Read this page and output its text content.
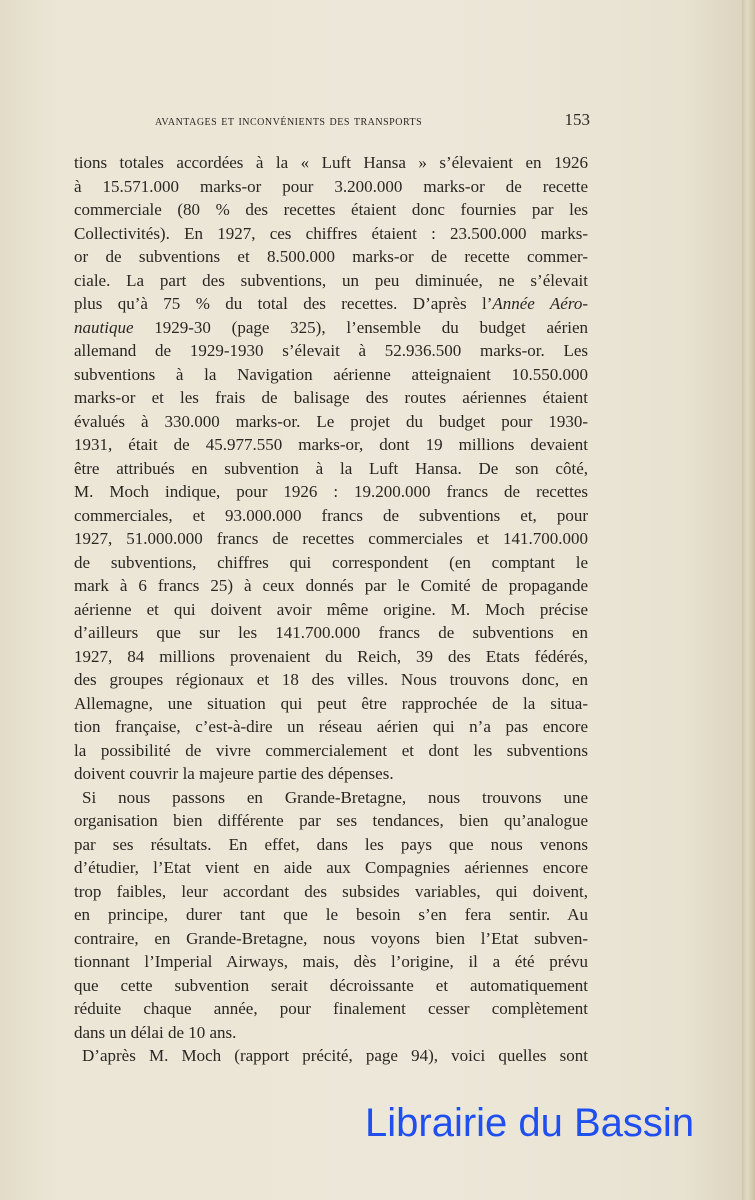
avantages et inconvénients des transports	153
tions totales accordées à la « Luft Hansa » s’élevaient en 1926
à 15.571.000 marks-or pour 3.200.000 marks-or de recette
commerciale (80 % des recettes étaient donc fournies par les
Collectivités). En 1927, ces chiffres étaient : 23.500.000 marks-
or de subventions et 8.500.000 marks-or de recette commer-
ciale. La part des subventions, un peu diminuée, ne s’élevait
plus qu’à 75 % du total des recettes. D’après l’Année Aéro-
nautique 1929-30 (page 325), l’ensemble du budget aérien
allemand de 1929-1930 s’élevait à 52.936.500 marks-or. Les
subventions à la Navigation aérienne atteignaient 10.550.000
marks-or et les frais de balisage des routes aériennes étaient
évalués à 330.000 marks-or. Le projet du budget pour 1930-
1931, était de 45.977.550 marks-or, dont 19 millions devaient
être attribués en subvention à la Luft Hansa. De son côté,
M. Moch indique, pour 1926 : 19.200.000 francs de recettes
commerciales, et 93.000.000 francs de subventions et, pour
1927, 51.000.000 francs de recettes commerciales et 141.700.000
de subventions, chiffres qui correspondent (en comptant le
mark à 6 francs 25) à ceux donnés par le Comité de propagande
aérienne et qui doivent avoir même origine. M. Moch précise
d’ailleurs que sur les 141.700.000 francs de subventions en
1927, 84 millions provenaient du Reich, 39 des Etats fédérés,
des groupes régionaux et 18 des villes. Nous trouvons donc, en
Allemagne, une situation qui peut être rapprochée de la situa-
tion française, c’est-à-dire un réseau aérien qui n’a pas encore
la possibilité de vivre commercialement et dont les subventions
doivent couvrir la majeure partie des dépenses.
Si nous passons en Grande-Bretagne, nous trouvons une
organisation bien différente par ses tendances, bien qu’analogue
par ses résultats. En effet, dans les pays que nous venons
d’étudier, l’Etat vient en aide aux Compagnies aériennes encore
trop faibles, leur accordant des subsides variables, qui doivent,
en principe, durer tant que le besoin s’en fera sentir. Au
contraire, en Grande-Bretagne, nous voyons bien l’Etat subven-
tionnant l’Imperial Airways, mais, dès l’origine, il a été prévu
que cette subvention serait décroissante et automatiquement
réduite chaque année, pour finalement cesser complètement
dans un délai de 10 ans.
D’après M. Moch (rapport précité, page 94), voici quelles sont
Librairie du Bassin
